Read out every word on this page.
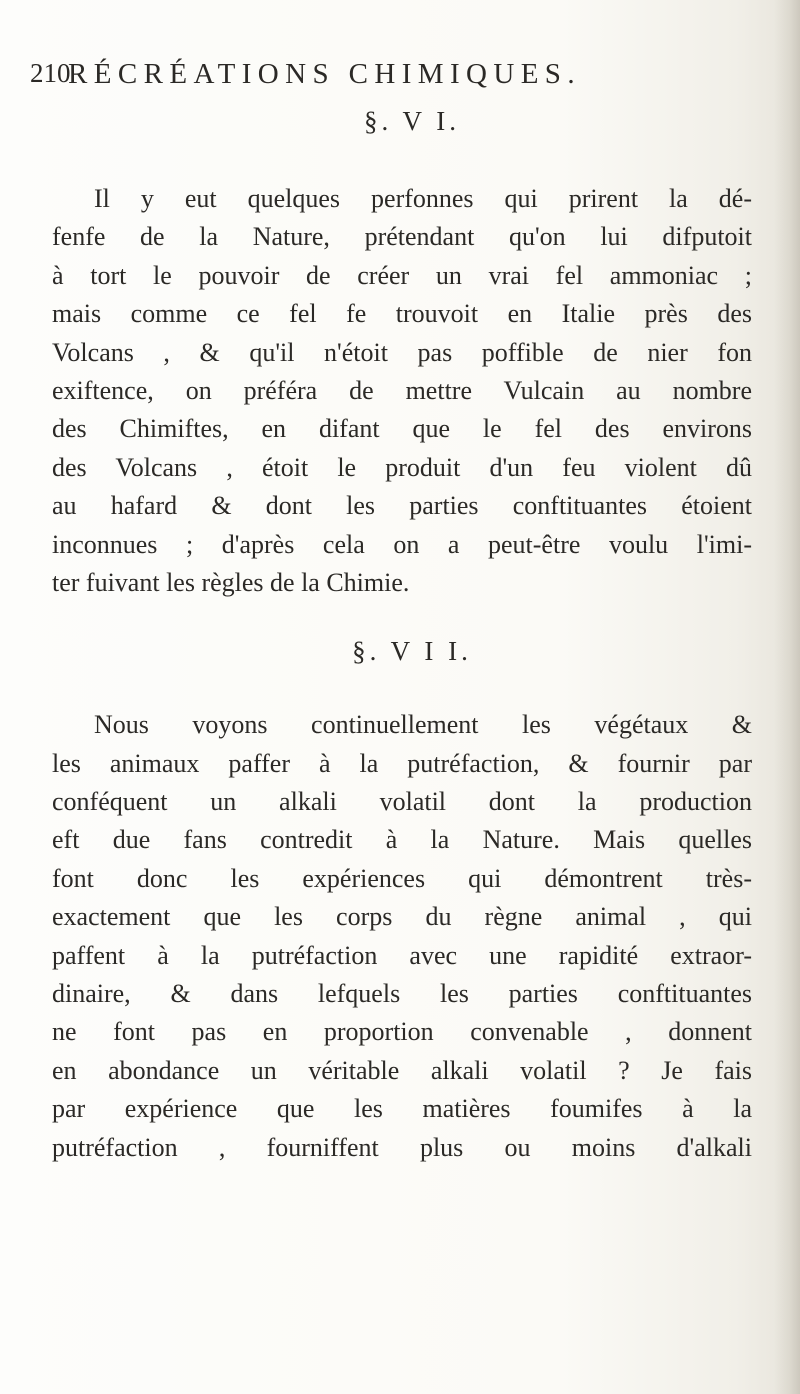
210
RÉCRÉATIONS CHIMIQUES.
§. V I.
Il y eut quelques perfonnes qui prirent la dé-
fenfe de la Nature, prétendant qu'on lui difputoit
à tort le pouvoir de créer un vrai fel ammoniac ;
mais comme ce fel fe trouvoit en Italie près des
Volcans , & qu'il n'étoit pas poffible de nier fon
exiftence, on préféra de mettre Vulcain au nombre
des Chimiftes, en difant que le fel des environs
des Volcans , étoit le produit d'un feu violent dû
au hafard & dont les parties conftituantes étoient
inconnues ; d'après cela on a peut-être voulu l'imi-
ter fuivant les règles de la Chimie.
§. V I I.
Nous voyons continuellement les végétaux &
les animaux paffer à la putréfaction, & fournir par
conféquent un alkali volatil dont la production
eft due fans contredit à la Nature. Mais quelles
font donc les expériences qui démontrent très-
exactement que les corps du règne animal , qui
paffent à la putréfaction avec une rapidité extraor-
dinaire, & dans lefquels les parties conftituantes
ne font pas en proportion convenable , donnent
en abondance un véritable alkali volatil ? Je fais
par expérience que les matières foumifes à la
putréfaction , fourniffent plus ou moins d'alkali
